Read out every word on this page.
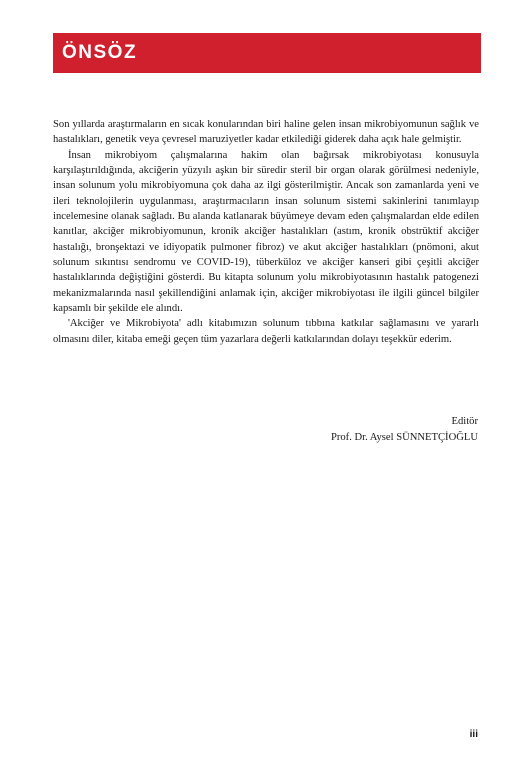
ÖNSÖZ

Son yıllarda araştırmaların en sıcak konularından biri haline gelen insan mikrobiyomunun sağlık ve hastalıkları, genetik veya çevresel maruziyetler kadar etkilediği giderek daha açık hale gelmiştir.

İnsan mikrobiyom çalışmalarına hakim olan bağırsak mikrobiyotası konusuyla karşılaştırıldığında, akciğerin yüzyılı aşkın bir süredir steril bir organ olarak görülmesi nedeniyle, insan solunum yolu mikrobiyomuna çok daha az ilgi gösterilmiştir. Ancak son zamanlarda yeni ve ileri teknolojilerin uygulanması, araştırmacıların insan solunum sistemi sakinlerini tanımlayıp incelemesine olanak sağladı. Bu alanda katlanarak büyümeye devam eden çalışmalardan elde edilen kanıtlar, akciğer mikrobiyomunun, kronik akciğer hastalıkları (astım, kronik obstrüktif akciğer hastalığı, bronşektazi ve idiyopatik pulmoner fibroz) ve akut akciğer hastalıkları (pnömoni, akut solunum sıkıntısı sendromu ve COVID-19), tüberküloz ve akciğer kanseri gibi çeşitli akciğer hastalıklarında değiştiğini gösterdi. Bu kitapta solunum yolu mikrobiyotasının hastalık patogenezi mekanizmalarında nasıl şekillendiğini anlamak için, akciğer mikrobiyotası ile ilgili güncel bilgiler kapsamlı bir şekilde ele alındı.

'Akciğer ve Mikrobiyota' adlı kitabımızın solunum tıbbına katkılar sağlamasını ve yararlı olmasını diler, kitaba emeği geçen tüm yazarlara değerli katkılarından dolayı teşekkür ederim.

Editör
Prof. Dr. Aysel SÜNNETÇİOĞLU
iii
